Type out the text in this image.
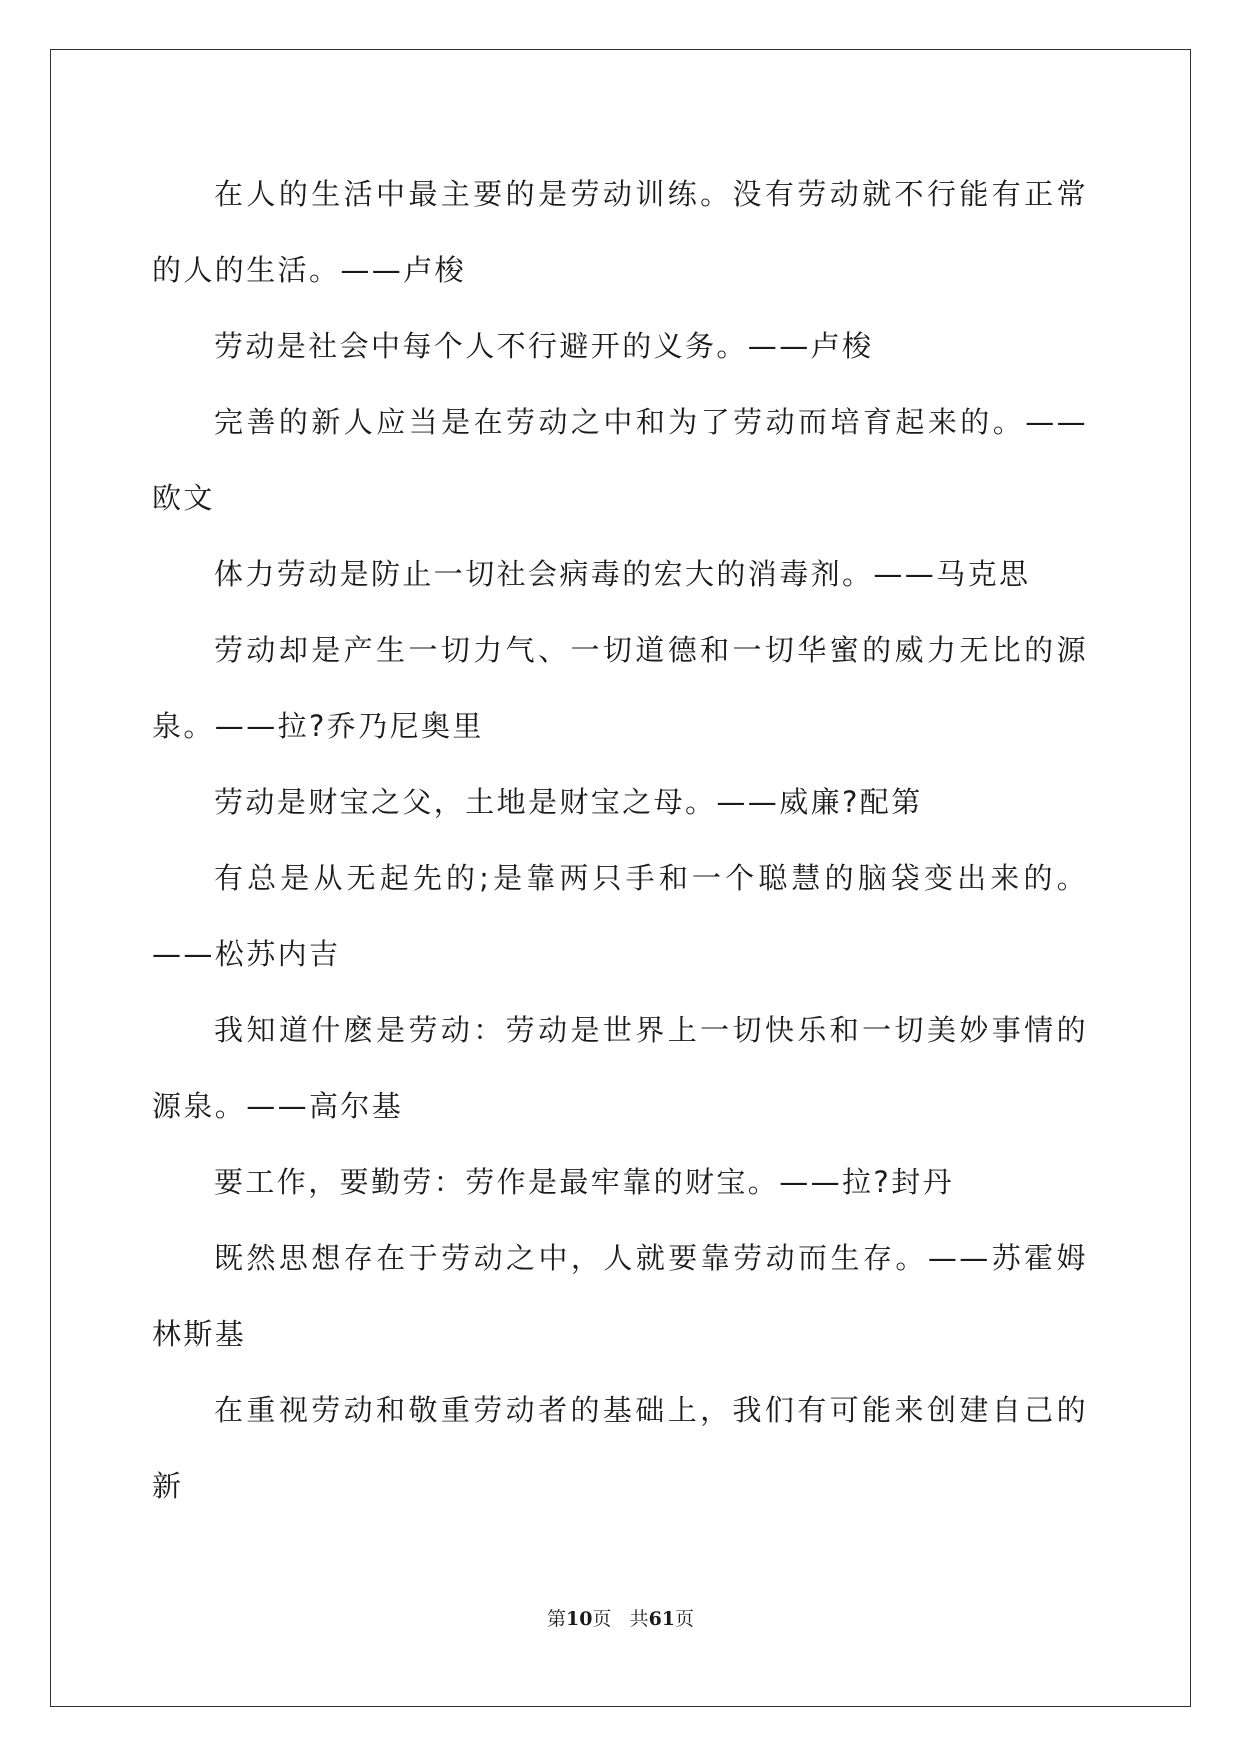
在人的生活中最主要的是劳动训练。没有劳动就不行能有正常的人的生活。——卢梭

劳动是社会中每个人不行避开的义务。——卢梭

完善的新人应当是在劳动之中和为了劳动而培育起来的。——欧文

体力劳动是防止一切社会病毒的宏大的消毒剂。——马克思

劳动却是产生一切力气、一切道德和一切华蜜的威力无比的源泉。——拉?乔乃尼奥里

劳动是财宝之父，土地是财宝之母。——威廉?配第

有总是从无起先的;是靠两只手和一个聪慧的脑袋变出来的。——松苏内吉

我知道什麽是劳动：劳动是世界上一切快乐和一切美妙事情的源泉。——高尔基

要工作，要勤劳：劳作是最牢靠的财宝。——拉?封丹

既然思想存在于劳动之中，人就要靠劳动而生存。——苏霍姆林斯基

在重视劳动和敬重劳动者的基础上，我们有可能来创建自己的新

第10页 共61页
